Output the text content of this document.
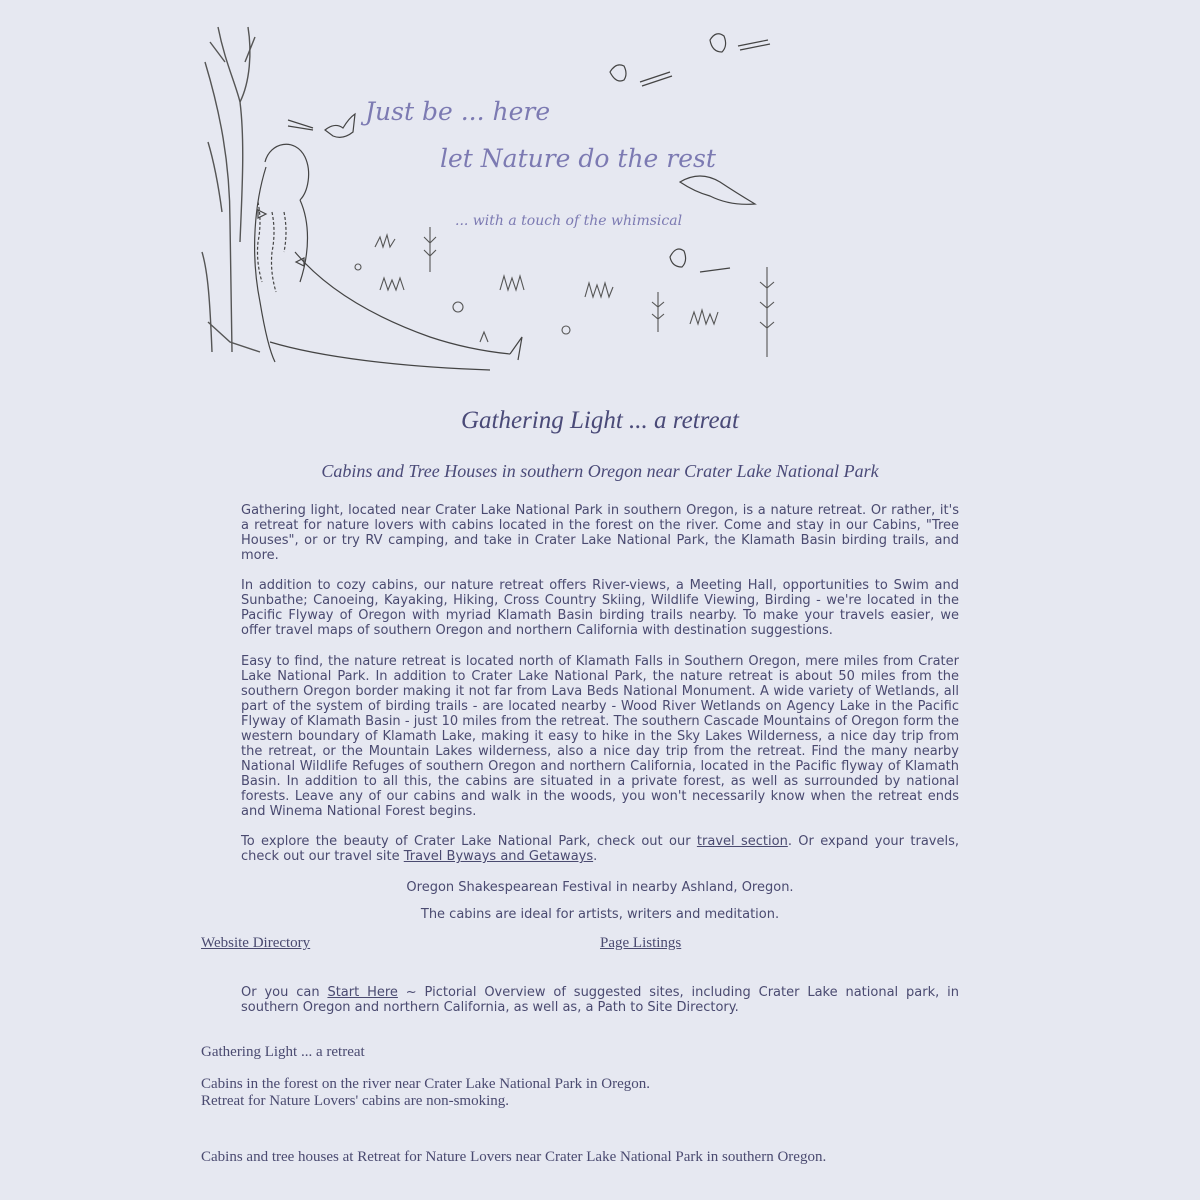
Just be ... here
let Nature do the rest
... with a touch of the whimsical
Gathering Light ... a retreat
Cabins and Tree Houses in southern Oregon near Crater Lake National Park

Gathering light, located near Crater Lake National Park in southern Oregon, is a nature retreat. Or rather, it's a retreat for nature lovers with cabins located in the forest on the river. Come and stay in our Cabins, "Tree Houses", or or try RV camping, and take in Crater Lake National Park, the Klamath Basin birding trails, and more.

In addition to cozy cabins, our nature retreat offers River-views, a Meeting Hall, opportunities to Swim and Sunbathe; Canoeing, Kayaking, Hiking, Cross Country Skiing, Wildlife Viewing, Birding - we're located in the Pacific Flyway of Oregon with myriad Klamath Basin birding trails nearby. To make your travels easier, we offer travel maps of southern Oregon and northern California with destination suggestions.

Easy to find, the nature retreat is located north of Klamath Falls in Southern Oregon, mere miles from Crater Lake National Park. In addition to Crater Lake National Park, the nature retreat is about 50 miles from the southern Oregon border making it not far from Lava Beds National Monument. A wide variety of Wetlands, all part of the system of birding trails - are located nearby - Wood River Wetlands on Agency Lake in the Pacific Flyway of Klamath Basin - just 10 miles from the retreat. The southern Cascade Mountains of Oregon form the western boundary of Klamath Lake, making it easy to hike in the Sky Lakes Wilderness, a nice day trip from the retreat, or the Mountain Lakes wilderness, also a nice day trip from the retreat. Find the many nearby National Wildlife Refuges of southern Oregon and northern California, located in the Pacific flyway of Klamath Basin. In addition to all this, the cabins are situated in a private forest, as well as surrounded by national forests. Leave any of our cabins and walk in the woods, you won't necessarily know when the retreat ends and Winema National Forest begins.

To explore the beauty of Crater Lake National Park, check out our travel section. Or expand your travels, check out our travel site Travel Byways and Getaways.

Oregon Shakespearean Festival in nearby Ashland, Oregon.

The cabins are ideal for artists, writers and meditation.

Website Directory	Page Listings
Or you can Start Here ~ Pictorial Overview of suggested sites, including Crater Lake national park, in southern Oregon and northern California, as well as, a Path to Site Directory.
Gathering Light ... a retreat
Cabins in the forest on the river near Crater Lake National Park in Oregon.
Retreat for Nature Lovers' cabins are non-smoking.
Cabins and tree houses at Retreat for Nature Lovers near Crater Lake National Park in southern Oregon.
